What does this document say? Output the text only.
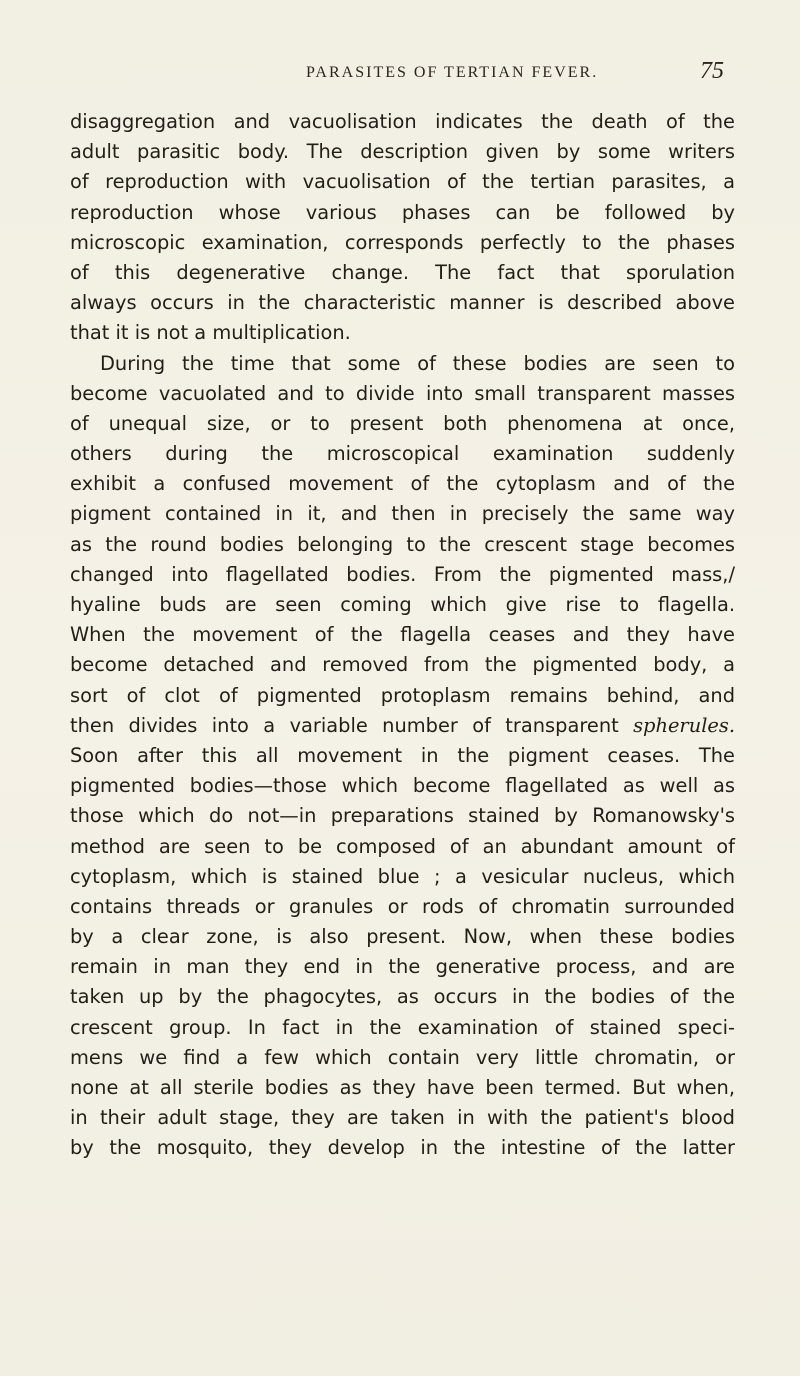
PARASITES OF TERTIAN FEVER.	75
disaggregation and vacuolisation indicates the death of the
adult parasitic body. The description given by some writers
of reproduction with vacuolisation of the tertian parasites, a
reproduction whose various phases can be followed by
microscopic examination, corresponds perfectly to the phases
of this degenerative change. The fact that sporulation
always occurs in the characteristic manner is described above
that it is not a multiplication.
During the time that some of these bodies are seen to
become vacuolated and to divide into small transparent masses
of unequal size, or to present both phenomena at once,
others during the microscopical examination suddenly
exhibit a confused movement of the cytoplasm and of the
pigment contained in it, and then in precisely the same way
as the round bodies belonging to the crescent stage becomes
changed into flagellated bodies. From the pigmented mass,/
hyaline buds are seen coming which give rise to flagella.
When the movement of the flagella ceases and they have
become detached and removed from the pigmented body, a
sort of clot of pigmented protoplasm remains behind, and
then divides into a variable number of transparent spherules.
Soon after this all movement in the pigment ceases. The
pigmented bodies—those which become flagellated as well as
those which do not—in preparations stained by Romanowsky's
method are seen to be composed of an abundant amount of
cytoplasm, which is stained blue ; a vesicular nucleus, which
contains threads or granules or rods of chromatin surrounded
by a clear zone, is also present. Now, when these bodies
remain in man they end in the generative process, and are
taken up by the phagocytes, as occurs in the bodies of the
crescent group. In fact in the examination of stained speci-
mens we find a few which contain very little chromatin, or
none at all sterile bodies as they have been termed. But when,
in their adult stage, they are taken in with the patient's blood
by the mosquito, they develop in the intestine of the latter
